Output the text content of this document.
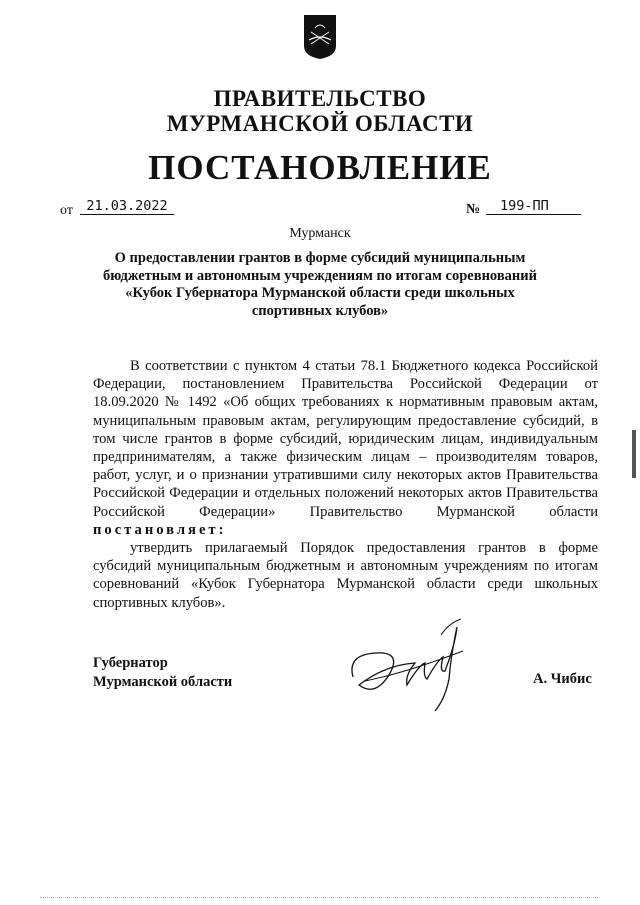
ПРАВИТЕЛЬСТВО
МУРМАНСКОЙ ОБЛАСТИ
ПОСТАНОВЛЕНИЕ
от 21.03.2022	№	199-ПП
Мурманск
О предоставлении грантов в форме субсидий муниципальным бюджетным и автономным учреждениям по итогам соревнований «Кубок Губернатора Мурманской области среди школьных спортивных клубов»

В соответствии с пунктом 4 статьи 78.1 Бюджетного кодекса Российской Федерации, постановлением Правительства Российской Федерации от 18.09.2020 № 1492 «Об общих требованиях к нормативным правовым актам, муниципальным правовым актам, регулирующим предоставление субсидий, в том числе грантов в форме субсидий, юридическим лицам, индивидуальным предпринимателям, а также физическим лицам – производителям товаров, работ, услуг, и о признании утратившими силу некоторых актов Правительства Российской Федерации и отдельных положений некоторых актов Правительства Российской Федерации» Правительство Мурманской области постановляет:

утвердить прилагаемый Порядок предоставления грантов в форме субсидий муниципальным бюджетным и автономным учреждениям по итогам соревнований «Кубок Губернатора Мурманской области среди школьных спортивных клубов».

Губернатор
Мурманской области	А. Чибис
